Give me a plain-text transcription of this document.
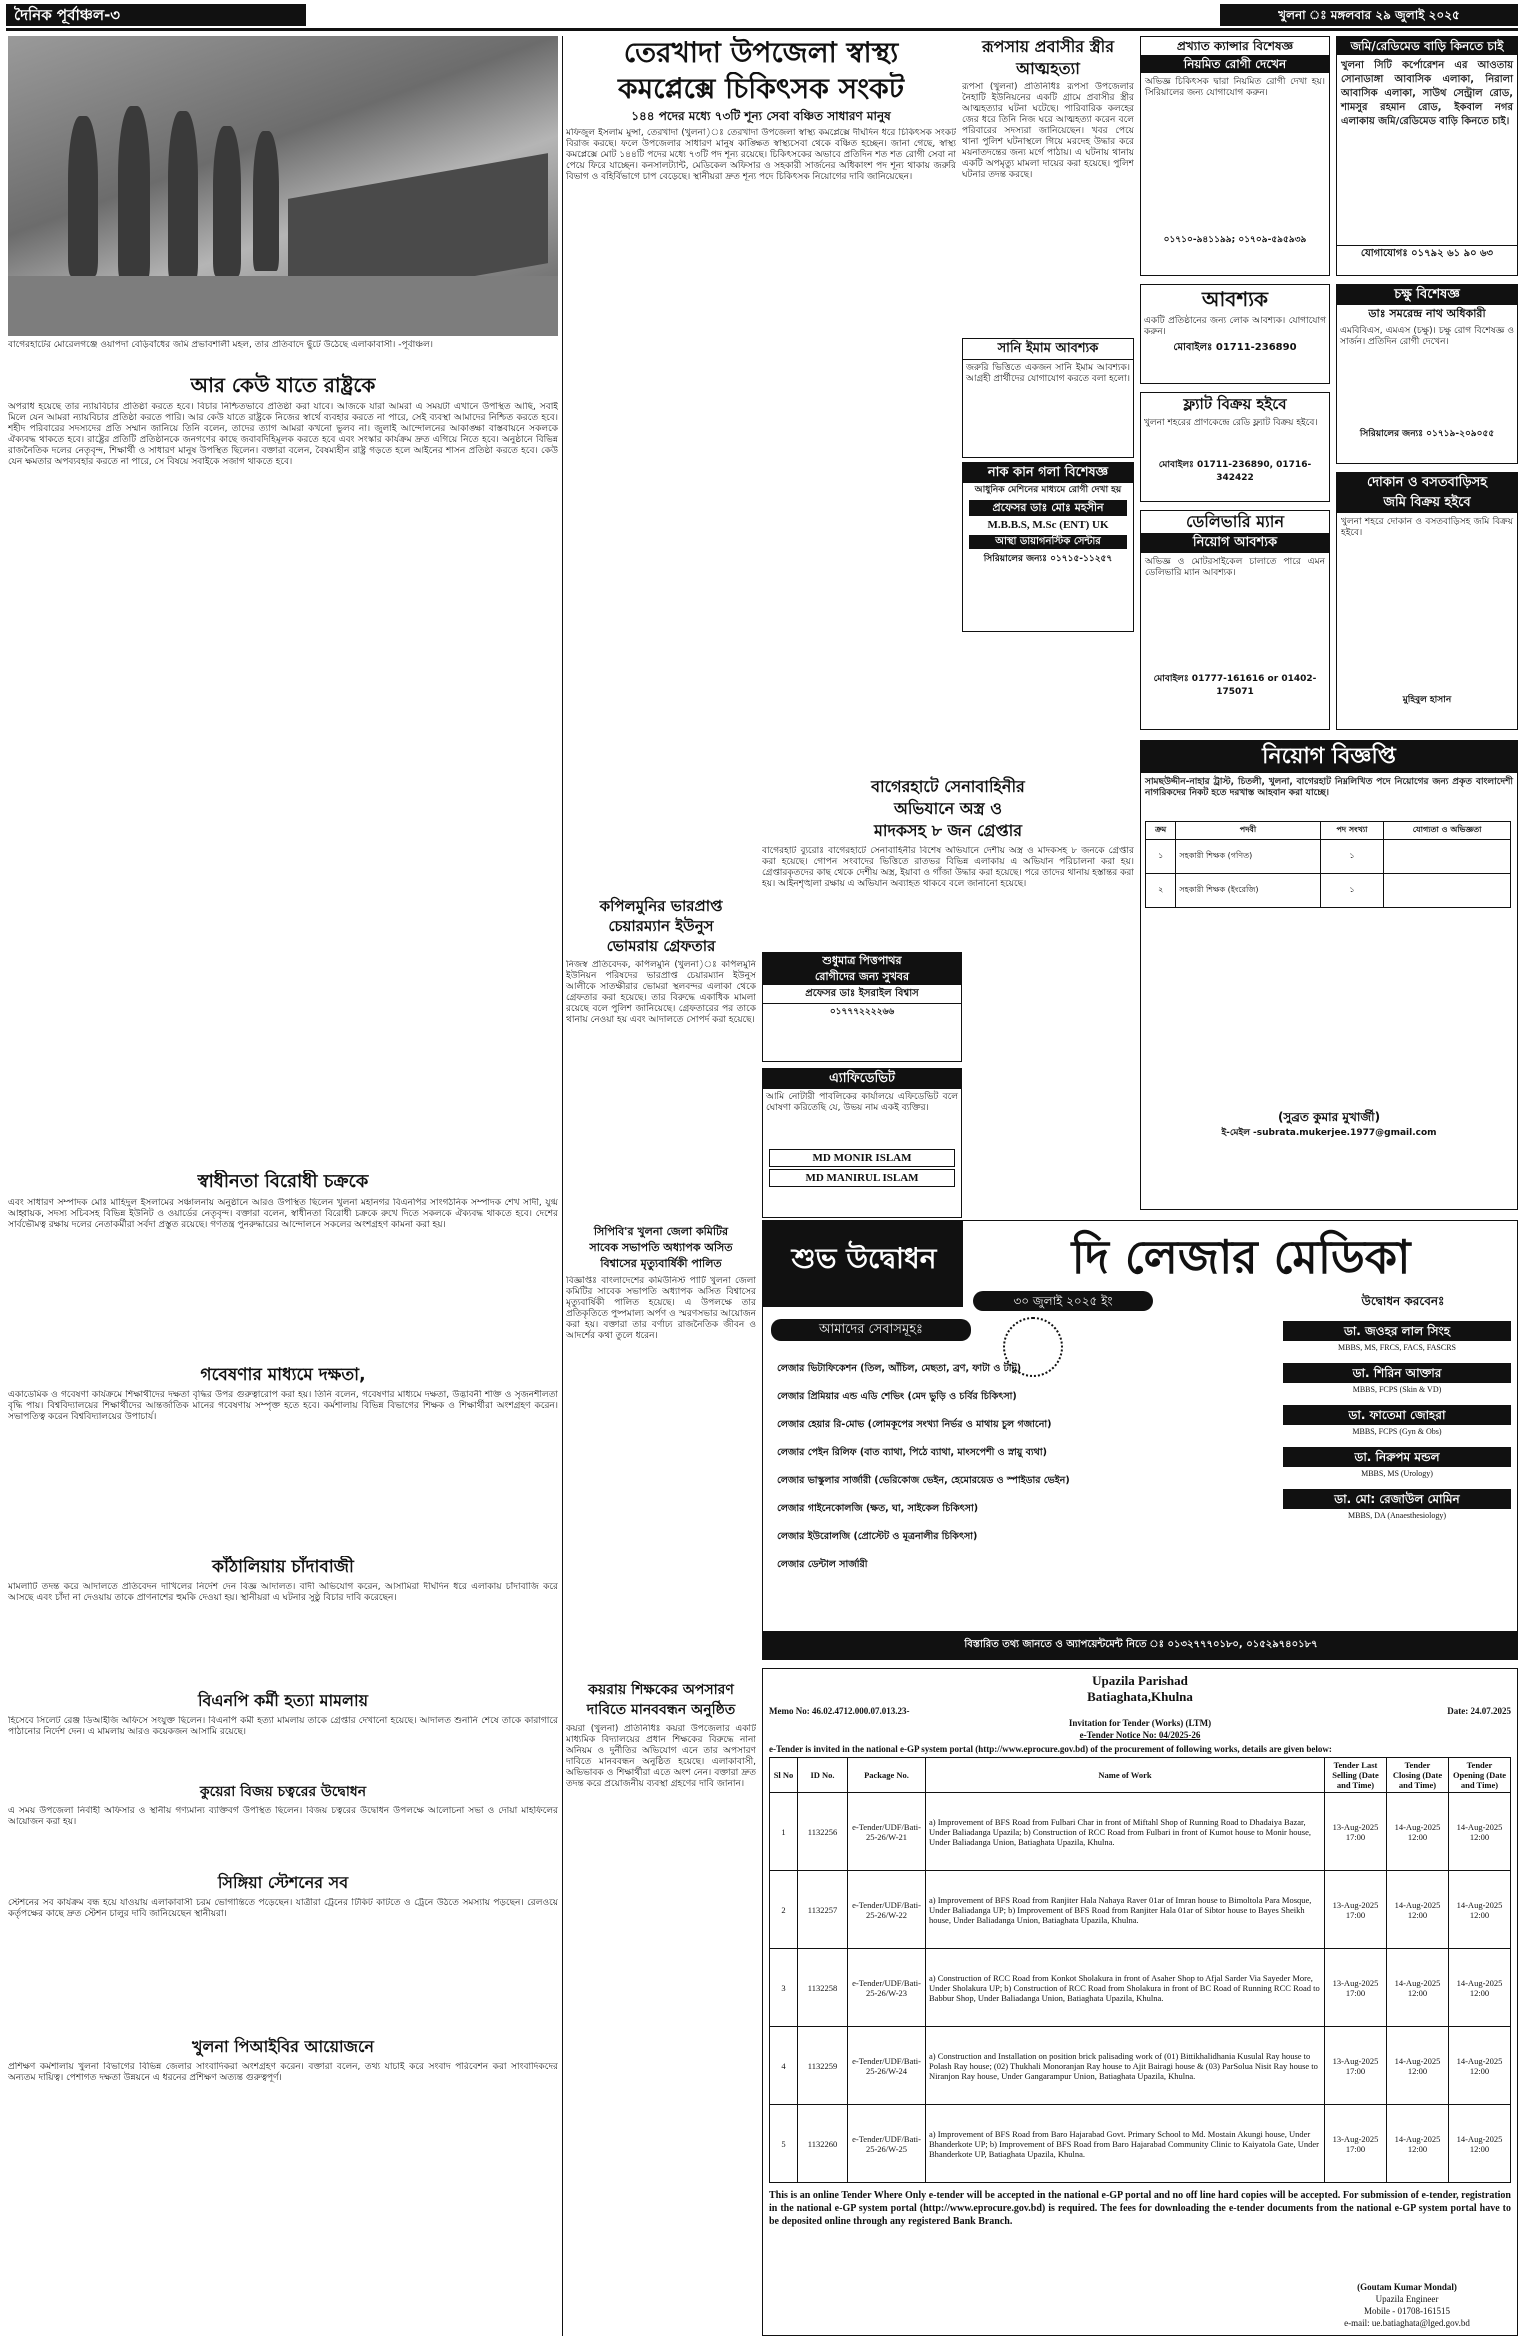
দৈনিক পূর্বাঞ্চল-৩	খুলনা ঃ মঙ্গলবার ২৯ জুলাই ২০২৫
বাগেরহাটের মোরেলগঞ্জে ওয়াপদা বেড়িবাঁধের জমি প্রভাবশালী মহল, তার প্রতিবাদে ছুঁটে উঠেছে এলাকাবাসী। -পূর্বাঞ্চল।
আর কেউ যাতে রাষ্ট্রকে
অপরাধ হয়েছে তার ন্যায়বিচার প্রতিষ্ঠা করতে হবে। বিচার নিশ্চিতভাবে প্রতিষ্ঠা করা যাবে। আজকে যারা আমরা এ সময়টা এখানে উপস্থিত আছি, সবাই মিলে যেন আমরা ন্যায়বিচার প্রতিষ্ঠা করতে পারি। আর কেউ যাতে রাষ্ট্রকে নিজের স্বার্থে ব্যবহার করতে না পারে, সেই ব্যবস্থা আমাদের নিশ্চিত করতে হবে। শহীদ পরিবারের সদস্যদের প্রতি সম্মান জানিয়ে তিনি বলেন, তাদের ত্যাগ আমরা কখনো ভুলব না। জুলাই আন্দোলনের আকাঙ্ক্ষা বাস্তবায়নে সকলকে ঐক্যবদ্ধ থাকতে হবে। রাষ্ট্রের প্রতিটি প্রতিষ্ঠানকে জনগণের কাছে জবাবদিহিমূলক করতে হবে এবং সংস্কার কার্যক্রম দ্রুত এগিয়ে নিতে হবে। অনুষ্ঠানে বিভিন্ন রাজনৈতিক দলের নেতৃবৃন্দ, শিক্ষার্থী ও সাধারণ মানুষ উপস্থিত ছিলেন। বক্তারা বলেন, বৈষম্যহীন রাষ্ট্র গড়তে হলে আইনের শাসন প্রতিষ্ঠা করতে হবে। কেউ যেন ক্ষমতার অপব্যবহার করতে না পারে, সে বিষয়ে সবাইকে সজাগ থাকতে হবে।
স্বাধীনতা বিরোধী চক্রকে
এবং সাধারণ সম্পাদক মোঃ মাহিদুল ইসলামের সঞ্চালনায় অনুষ্ঠানে আরও উপস্থিত ছিলেন খুলনা মহানগর বিএনপির সাংগঠনিক সম্পাদক শেখ সাদী, যুগ্ম আহ্বায়ক, সদস্য সচিবসহ বিভিন্ন ইউনিট ও ওয়ার্ডের নেতৃবৃন্দ। বক্তারা বলেন, স্বাধীনতা বিরোধী চক্রকে রুখে দিতে সকলকে ঐক্যবদ্ধ থাকতে হবে। দেশের সার্বভৌমত্ব রক্ষায় দলের নেতাকর্মীরা সর্বদা প্রস্তুত রয়েছে। গণতন্ত্র পুনরুদ্ধারের আন্দোলনে সকলের অংশগ্রহণ কামনা করা হয়।
গবেষণার মাধ্যমে দক্ষতা,
একাডেমিক ও গবেষণা কার্যক্রমে শিক্ষার্থীদের দক্ষতা বৃদ্ধির উপর গুরুত্বারোপ করা হয়। তিনি বলেন, গবেষণার মাধ্যমে দক্ষতা, উদ্ভাবনী শক্তি ও সৃজনশীলতা বৃদ্ধি পায়। বিশ্ববিদ্যালয়ের শিক্ষার্থীদের আন্তর্জাতিক মানের গবেষণায় সম্পৃক্ত হতে হবে। কর্মশালায় বিভিন্ন বিভাগের শিক্ষক ও শিক্ষার্থীরা অংশগ্রহণ করেন। সভাপতিত্ব করেন বিশ্ববিদ্যালয়ের উপাচার্য।
কাঁঠালিয়ায় চাঁদাবাজী
মামলাটি তদন্ত করে আদালতে প্রতিবেদন দাখিলের নির্দেশ দেন বিজ্ঞ আদালত। বাদী অভিযোগ করেন, আসামিরা দীর্ঘদিন ধরে এলাকায় চাঁদাবাজি করে আসছে এবং চাঁদা না দেওয়ায় তাকে প্রাণনাশের হুমকি দেওয়া হয়। স্থানীয়রা এ ঘটনার সুষ্ঠু বিচার দাবি করেছেন।
বিএনপি কর্মী হত্যা মামলায়
হিসেবে সিলেট রেঞ্জ ডিআইজি অফিসে সংযুক্ত ছিলেন। বিএনপি কর্মী হত্যা মামলায় তাকে গ্রেপ্তার দেখানো হয়েছে। আদালত শুনানি শেষে তাকে কারাগারে পাঠানোর নির্দেশ দেন। এ মামলায় আরও কয়েকজন আসামি রয়েছে।
কুয়েরা বিজয় চত্বরের উদ্বোধন
এ সময় উপজেলা নির্বাহী অফিসার ও স্থানীয় গণ্যমান্য ব্যক্তিবর্গ উপস্থিত ছিলেন। বিজয় চত্বরের উদ্বোধন উপলক্ষে আলোচনা সভা ও দোয়া মাহফিলের আয়োজন করা হয়।
সিঙ্গিয়া স্টেশনের সব
স্টেশনের সব কার্যক্রম বন্ধ হয়ে যাওয়ায় এলাকাবাসী চরম ভোগান্তিতে পড়েছেন। যাত্রীরা ট্রেনের টিকিট কাটতে ও ট্রেনে উঠতে সমস্যায় পড়ছেন। রেলওয়ে কর্তৃপক্ষের কাছে দ্রুত স্টেশন চালুর দাবি জানিয়েছেন স্থানীয়রা।
খুলনা পিআইবির আয়োজনে
প্রশিক্ষণ কর্মশালায় খুলনা বিভাগের বিভিন্ন জেলার সাংবাদিকরা অংশগ্রহণ করেন। বক্তারা বলেন, তথ্য যাচাই করে সংবাদ পরিবেশন করা সাংবাদিকদের অন্যতম দায়িত্ব। পেশাগত দক্ষতা উন্নয়নে এ ধরনের প্রশিক্ষণ অত্যন্ত গুরুত্বপূর্ণ।
তেরখাদা উপজেলা স্বাস্থ্য
কমপ্লেক্সে চিকিৎসক সংকট
১৪৪ পদের মধ্যে ৭৩টি শূন্য সেবা বঞ্চিত সাধারণ মানুষ
মফিজুল ইসলাম মুন্সা, তেরখাদা (খুলনা)ঃ তেরখাদা উপজেলা স্বাস্থ্য কমপ্লেক্সে দীর্ঘদিন ধরে চিকিৎসক সংকট বিরাজ করছে। ফলে উপজেলার সাধারণ মানুষ কাঙ্ক্ষিত স্বাস্থ্যসেবা থেকে বঞ্চিত হচ্ছেন। জানা গেছে, স্বাস্থ্য কমপ্লেক্সে মোট ১৪৪টি পদের মধ্যে ৭৩টি পদ শূন্য রয়েছে। চিকিৎসকের অভাবে প্রতিদিন শত শত রোগী সেবা না পেয়ে ফিরে যাচ্ছেন। কনসালট্যান্ট, মেডিকেল অফিসার ও সহকারী সার্জনের অধিকাংশ পদ শূন্য থাকায় জরুরি বিভাগ ও বহির্বিভাগে চাপ বেড়েছে। স্থানীয়রা দ্রুত শূন্য পদে চিকিৎসক নিয়োগের দাবি জানিয়েছেন।
রূপসায় প্রবাসীর স্ত্রীর আত্মহত্যা
রূপসা (খুলনা) প্রতিনিধিঃ রূপসা উপজেলার নৈহাটি ইউনিয়নের একটি গ্রামে প্রবাসীর স্ত্রীর আত্মহত্যার ঘটনা ঘটেছে। পারিবারিক কলহের জের ধরে তিনি নিজ ঘরে আত্মহত্যা করেন বলে পরিবারের সদস্যরা জানিয়েছেন। খবর পেয়ে থানা পুলিশ ঘটনাস্থলে গিয়ে মরদেহ উদ্ধার করে ময়নাতদন্তের জন্য মর্গে পাঠায়। এ ঘটনায় থানায় একটি অপমৃত্যু মামলা দায়ের করা হয়েছে। পুলিশ ঘটনার তদন্ত করছে।
সানি ইমাম আবশ্যক
জরুরি ভিত্তিতে একজন সানি ইমাম আবশ্যক। আগ্রহী প্রার্থীদের যোগাযোগ করতে বলা হলো।
নাক কান গলা বিশেষজ্ঞ
আধুনিক মেশিনের মাধ্যমে রোগী দেখা হয়
প্রফেসর ডাঃ মোঃ মহসীন
M.B.B.S, M.Sc (ENT) UK
আস্থা ডায়াগনস্টিক সেন্টার
সিরিয়ালের জন্যঃ ০১৭১৫-১১২৫৭
বাগেরহাটে সেনাবাহিনীর
অভিযানে অস্ত্র ও
মাদকসহ ৮ জন গ্রেপ্তার
বাগেরহাট ব্যুরোঃ বাগেরহাটে সেনাবাহিনীর বিশেষ অভিযানে দেশীয় অস্ত্র ও মাদকসহ ৮ জনকে গ্রেপ্তার করা হয়েছে। গোপন সংবাদের ভিত্তিতে রাতভর বিভিন্ন এলাকায় এ অভিযান পরিচালনা করা হয়। গ্রেপ্তারকৃতদের কাছ থেকে দেশীয় অস্ত্র, ইয়াবা ও গাঁজা উদ্ধার করা হয়েছে। পরে তাদের থানায় হস্তান্তর করা হয়। আইনশৃঙ্খলা রক্ষায় এ অভিযান অব্যাহত থাকবে বলে জানানো হয়েছে।
কপিলমুনির ভারপ্রাপ্ত
চেয়ারম্যান ইউনুস
ভোমরায় গ্রেফতার
নিজস্ব প্রতিবেদক, কপিলমুনি (খুলনা)ঃ কপিলমুনি ইউনিয়ন পরিষদের ভারপ্রাপ্ত চেয়ারম্যান ইউনুস আলীকে সাতক্ষীরার ভোমরা স্থলবন্দর এলাকা থেকে গ্রেফতার করা হয়েছে। তার বিরুদ্ধে একাধিক মামলা রয়েছে বলে পুলিশ জানিয়েছে। গ্রেফতারের পর তাকে থানায় নেওয়া হয় এবং আদালতে সোপর্দ করা হয়েছে।
শুধুমাত্র পিত্তপাথর
রোগীদের জন্য সুখবর
প্রফেসর ডাঃ ইসরাইল বিশ্বাস
০১৭৭৭২২২২৬৬
এ্যাফিডেভিট
আমি নোটারী পাবলিকের কার্যালয়ে এফিডেভিট বলে ঘোষণা করিতেছি যে, উভয় নাম একই ব্যক্তির।
MD MONIR ISLAM
MD MANIRUL ISLAM
সিপিবি'র খুলনা জেলা কমিটির
সাবেক সভাপতি অধ্যাপক অসিত
বিশ্বাসের মৃত্যুবার্ষিকী পালিত
বিজ্ঞপ্তিঃ বাংলাদেশের কমিউনিস্ট পার্টি খুলনা জেলা কমিটির সাবেক সভাপতি অধ্যাপক অসিত বিশ্বাসের মৃত্যুবার্ষিকী পালিত হয়েছে। এ উপলক্ষে তার প্রতিকৃতিতে পুষ্পমাল্য অর্পণ ও স্মরণসভার আয়োজন করা হয়। বক্তারা তার বর্ণাঢ্য রাজনৈতিক জীবন ও আদর্শের কথা তুলে ধরেন।
প্রখ্যাত ক্যান্সার বিশেষজ্ঞ
নিয়মিত রোগী দেখেন
অভিজ্ঞ চিকিৎসক দ্বারা নিয়মিত রোগী দেখা হয়। সিরিয়ালের জন্য যোগাযোগ করুন।
০১৭১০-৯৪১১৯৯; ০১৭০৯-৫৯৫৯৩৯
জমি/রেডিমেড বাড়ি কিনতে চাই
খুলনা সিটি কর্পোরেশন এর আওতায় সোনাডাঙ্গা আবাসিক এলাকা, নিরালা আবাসিক এলাকা, সাউথ সেন্ট্রাল রোড, শামসুর রহমান রোড, ইকবাল নগর এলাকায় জমি/রেডিমেড বাড়ি কিনতে চাই।
যোগাযোগঃ ০১৭৯২ ৬১ ৯০ ৬৩
আবশ্যক
একটি প্রতিষ্ঠানের জন্য লোক আবশ্যক। যোগাযোগ করুন।
মোবাইলঃ 01711-236890
চক্ষু বিশেষজ্ঞ
ডাঃ সমরেন্দ্র নাথ অধিকারী
এমবিবিএস, এমএস (চক্ষু)। চক্ষু রোগ বিশেষজ্ঞ ও সার্জন। প্রতিদিন রোগী দেখেন।
সিরিয়ালের জন্যঃ ০১৭১৯-২০৯০৫৫
ফ্ল্যাট বিক্রয় হইবে
খুলনা শহরের প্রাণকেন্দ্রে রেডি ফ্ল্যাট বিক্রয় হইবে।
মোবাইলঃ 01711-236890, 01716-342422
ডেলিভারি ম্যান
নিয়োগ আবশ্যক
অভিজ্ঞ ও মোটরসাইকেল চালাতে পারে এমন ডেলিভারি ম্যান আবশ্যক।
মোবাইলঃ 01777-161616 or 01402-175071
দোকান ও বসতবাড়িসহ
জমি বিক্রয় হইবে
খুলনা শহরে দোকান ও বসতবাড়িসহ জমি বিক্রয় হইবে।
মুহিবুল হাসান
নিয়োগ বিজ্ঞপ্তি
সামছউদ্দীন-নাহার ট্রাস্ট, চিতলী, খুলনা, বাগেরহাট নিম্নলিখিত পদে নিয়োগের জন্য প্রকৃত বাংলাদেশী নাগরিকদের নিকট হতে দরখাস্ত আহবান করা যাচ্ছে।
ক্রম	পদবী	পদ সংখ্যা	যোগ্যতা ও অভিজ্ঞতা
১	সহকারী শিক্ষক (গণিত)	১	
২	সহকারী শিক্ষক (ইংরেজি)	১	
(সুব্রত কুমার মুখার্জী)
ই-মেইল -subrata.mukerjee.1977@gmail.com
কয়রায় শিক্ষকের অপসারণ
দাবিতে মানববন্ধন অনুষ্ঠিত
কয়রা (খুলনা) প্রতিনিধিঃ কয়রা উপজেলার একটি মাধ্যমিক বিদ্যালয়ের প্রধান শিক্ষকের বিরুদ্ধে নানা অনিয়ম ও দুর্নীতির অভিযোগ এনে তার অপসারণ দাবিতে মানববন্ধন অনুষ্ঠিত হয়েছে। এলাকাবাসী, অভিভাবক ও শিক্ষার্থীরা এতে অংশ নেন। বক্তারা দ্রুত তদন্ত করে প্রয়োজনীয় ব্যবস্থা গ্রহণের দাবি জানান।
শুভ উদ্বোধন	দি লেজার মেডিকা
৩০ জুলাই ২০২৫ ইং	উদ্বোধন করবেনঃ
আমাদের সেবাসমূহঃ
লেজার ভিটাফিকেশন (তিল, আঁচিল, মেছতা, ব্রণ, ফাটা ও টাটু)
লেজার প্রিমিয়ার এন্ড এডি শেভিং (মেদ ভুড়ি ও চর্বির চিকিৎসা)
লেজার হেয়ার রি-মোভ (লোমকূপের সংখ্যা নির্ভর ও মাথায় চুল গজানো)
লেজার পেইন রিলিফ (বাত ব্যাথা, পিঠে ব্যাথা, মাংসপেশী ও স্নায়ু ব্যথা)
লেজার ভাস্কুলার সার্জারী (ভেরিকোজ ভেইন, হেমোরয়েড ও স্পাইডার ভেইন)
লেজার গাইনেকোলজি (ক্ষত, ঘা, সাইকেল চিকিৎসা)
লেজার ইউরোলজি (প্রোস্টেট ও মূত্রনালীর চিকিৎসা)
লেজার ডেন্টাল সার্জারী
ডা. জওহর লাল সিংহ
MBBS, MS, FRCS, FACS, FASCRS
ডা. শিরিন আক্তার
MBBS, FCPS (Skin & VD)
ডা. ফাতেমা জোহরা
MBBS, FCPS (Gyn & Obs)
ডা. নিরুপম মন্ডল
MBBS, MS (Urology)
ডা. মো: রেজাউল মোমিন
MBBS, DA (Anaesthesiology)
বিস্তারিত তথ্য জানতে ও অ্যাপয়েন্টমেন্ট নিতে ঃ ০১৩২৭৭৭০১৮০, ০১৫২৯৭৪০১৮৭
Upazila Parishad
Batiaghata,Khulna
Memo No: 46.02.4712.000.07.013.23-	Date: 24.07.2025
Invitation for Tender (Works) (LTM)
e-Tender Notice No: 04/2025-26
e-Tender is invited in the national e-GP system portal (http://www.eprocure.gov.bd) of the procurement of following works, details are given below:
Sl No	ID No.	Package No.	Name of Work	Tender Last Selling (Date and Time)	Tender Closing (Date and Time)	Tender Opening (Date and Time)
1	1132256	e-Tender/UDF/Bati-25-26/W-21	a) Improvement of BFS Road from Fulbari Char in front of Miftahl Shop of Running Road to Dhadaiya Bazar, Under Baliadanga Upazila; b) Construction of RCC Road from Fulbari in front of Kumot house to Monir house, Under Baliadanga Union, Batiaghata Upazila, Khulna.	13-Aug-2025 17:00	14-Aug-2025 12:00	14-Aug-2025 12:00
2	1132257	e-Tender/UDF/Bati-25-26/W-22	a) Improvement of BFS Road from Ranjiter Hala Nahaya Raver 01ar of Imran house to Bimoltola Para Mosque, Under Baliadanga UP; b) Improvement of BFS Road from Ranjiter Hala 01ar of Sibtor house to Bayes Sheikh house, Under Baliadanga Union, Batiaghata Upazila, Khulna.	13-Aug-2025 17:00	14-Aug-2025 12:00	14-Aug-2025 12:00
3	1132258	e-Tender/UDF/Bati-25-26/W-23	a) Construction of RCC Road from Konkot Sholakura in front of Asaher Shop to Afjal Sarder Via Sayeder More, Under Sholakura UP; b) Construction of RCC Road from Sholakura in front of BC Road of Running RCC Road to Babbur Shop, Under Baliadanga Union, Batiaghata Upazila, Khulna.	13-Aug-2025 17:00	14-Aug-2025 12:00	14-Aug-2025 12:00
4	1132259	e-Tender/UDF/Bati-25-26/W-24	a) Construction and Installation on position brick palisading work of (01) Bittikhalidhania Kusulal Ray house to Polash Ray house; (02) Thukhali Monoranjan Ray house to Ajit Bairagi house & (03) ParSolua Nisit Ray house to Niranjon Ray house, Under Gangarampur Union, Batiaghata Upazila, Khulna.	13-Aug-2025 17:00	14-Aug-2025 12:00	14-Aug-2025 12:00
5	1132260	e-Tender/UDF/Bati-25-26/W-25	a) Improvement of BFS Road from Baro Hajarabad Govt. Primary School to Md. Mostain Akungi house, Under Bhanderkote UP; b) Improvement of BFS Road from Baro Hajarabad Community Clinic to Kaiyatola Gate, Under Bhanderkote UP, Batiaghata Upazila, Khulna.	13-Aug-2025 17:00	14-Aug-2025 12:00	14-Aug-2025 12:00
This is an online Tender Where Only e-tender will be accepted in the national e-GP portal and no off line hard copies will be accepted. For submission of e-tender, registration in the national e-GP system portal (http://www.eprocure.gov.bd) is required. The fees for downloading the e-tender documents from the national e-GP system portal have to be deposited online through any registered Bank Branch.
(Goutam Kumar Mondal)
Upazila Engineer
Mobile - 01708-161515
e-mail: ue.batiaghata@lged.gov.bd
